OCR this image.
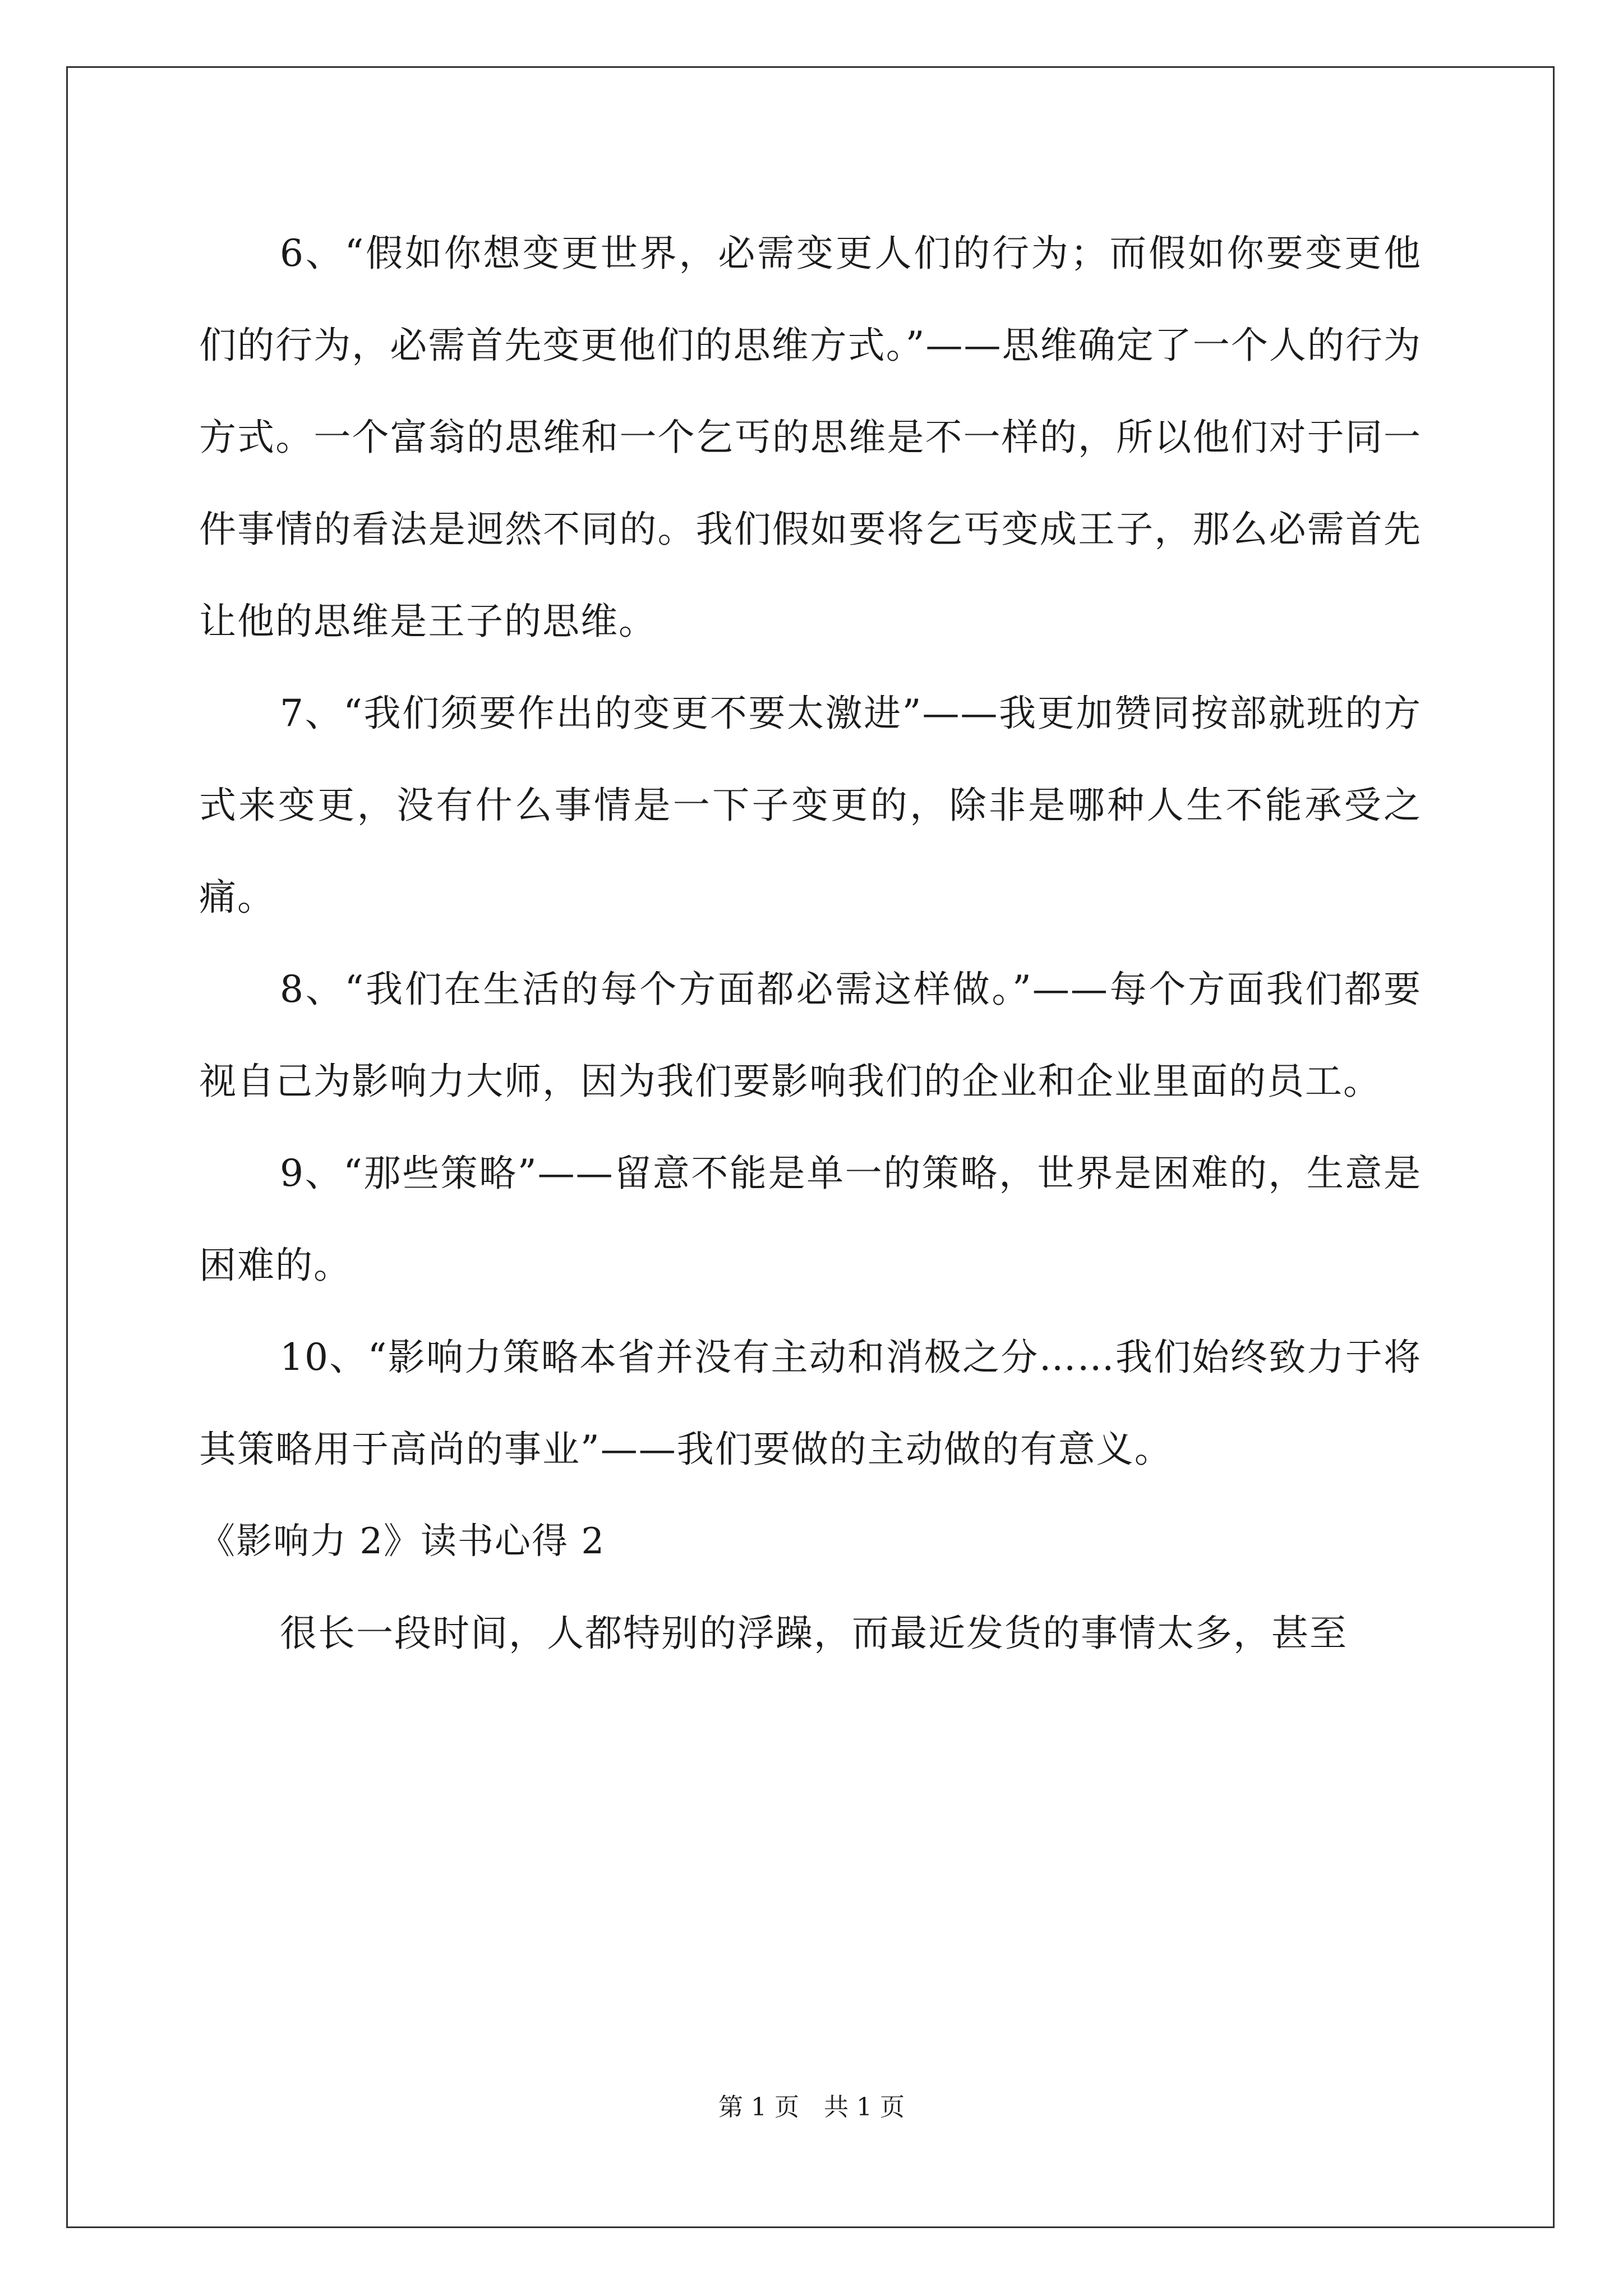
6、“假如你想变更世界，必需变更人们的行为；而假如你要变更他们的行为，必需首先变更他们的思维方式。”——思维确定了一个人的行为方式。一个富翁的思维和一个乞丐的思维是不一样的，所以他们对于同一件事情的看法是迥然不同的。我们假如要将乞丐变成王子，那么必需首先让他的思维是王子的思维。

7、“我们须要作出的变更不要太激进”——我更加赞同按部就班的方式来变更，没有什么事情是一下子变更的，除非是哪种人生不能承受之痛。

8、“我们在生活的每个方面都必需这样做。”——每个方面我们都要视自己为影响力大师，因为我们要影响我们的企业和企业里面的员工。

9、“那些策略”——留意不能是单一的策略，世界是困难的，生意是困难的。

10、“影响力策略本省并没有主动和消极之分……我们始终致力于将其策略用于高尚的事业”——我们要做的主动做的有意义。

《影响力 2》读书心得 2

很长一段时间，人都特别的浮躁，而最近发货的事情太多，甚至

第 1 页 共 1 页
